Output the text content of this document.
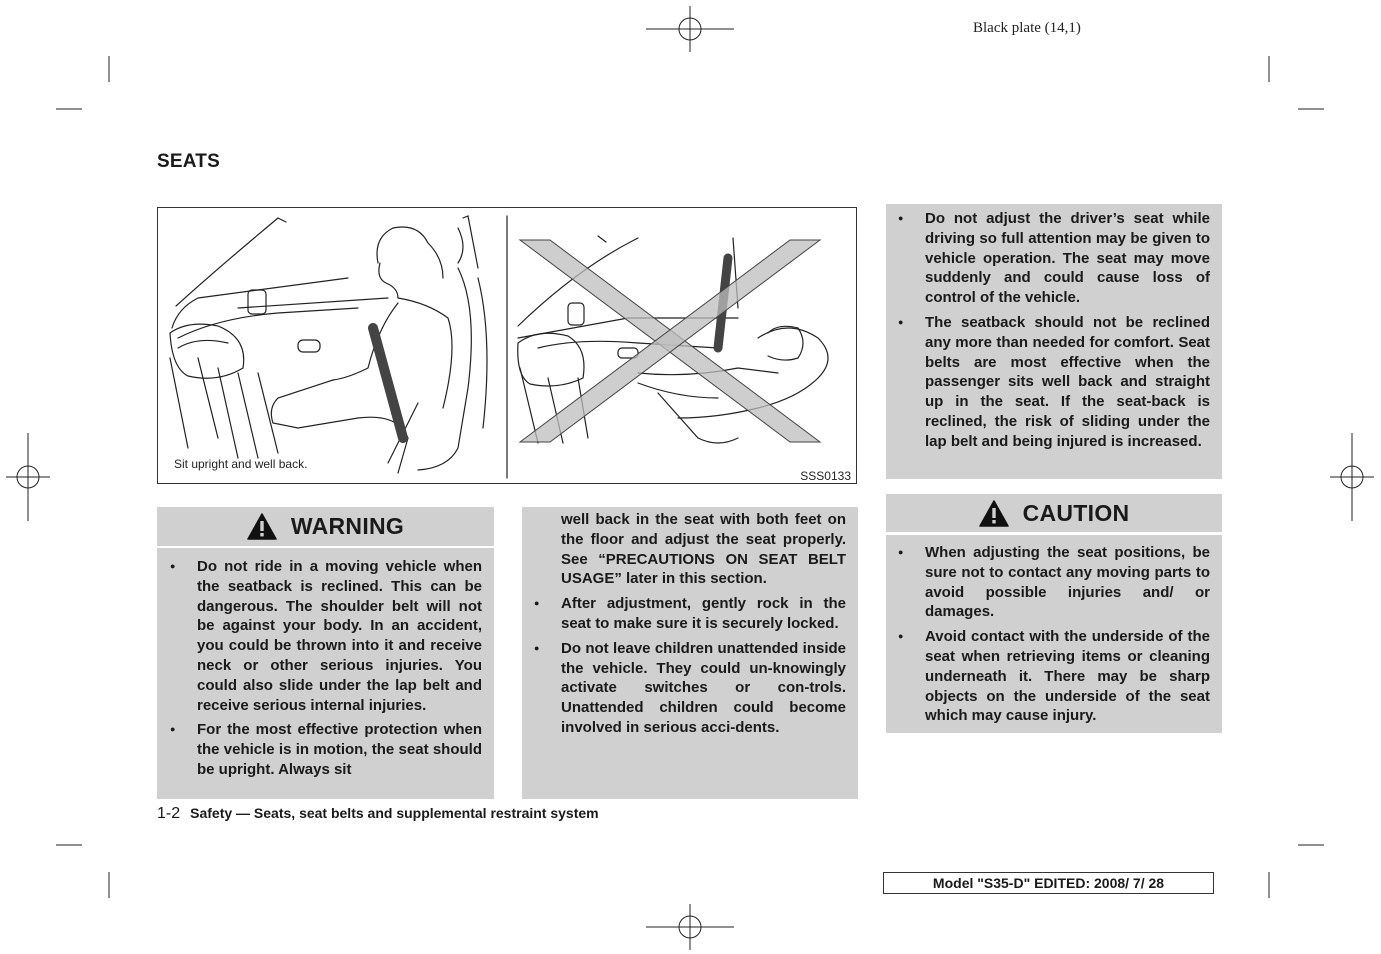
Black plate (14,1)
SEATS
Sit upright and well back.
SSS0133
WARNING
● Do not ride in a moving vehicle when the seatback is reclined. This can be dangerous. The shoulder belt will not be against your body. In an accident, you could be thrown into it and receive neck or other serious injuries. You could also slide under the lap belt and receive serious internal injuries.
● For the most effective protection when the vehicle is in motion, the seat should be upright. Always sit
well back in the seat with both feet on the floor and adjust the seat properly. See “PRECAUTIONS ON SEAT BELT USAGE” later in this section.
● After adjustment, gently rock in the seat to make sure it is securely locked.
● Do not leave children unattended inside the vehicle. They could un-knowingly activate switches or con-trols. Unattended children could become involved in serious acci-dents.
● Do not adjust the driver’s seat while driving so full attention may be given to vehicle operation. The seat may move suddenly and could cause loss of control of the vehicle.
● The seatback should not be reclined any more than needed for comfort. Seat belts are most effective when the passenger sits well back and straight up in the seat. If the seat-back is reclined, the risk of sliding under the lap belt and being injured is increased.
CAUTION
● When adjusting the seat positions, be sure not to contact any moving parts to avoid possible injuries and/ or damages.
● Avoid contact with the underside of the seat when retrieving items or cleaning underneath it. There may be sharp objects on the underside of the seat which may cause injury.
1-2 Safety — Seats, seat belts and supplemental restraint system
Model "S35-D" EDITED: 2008/ 7/ 28
